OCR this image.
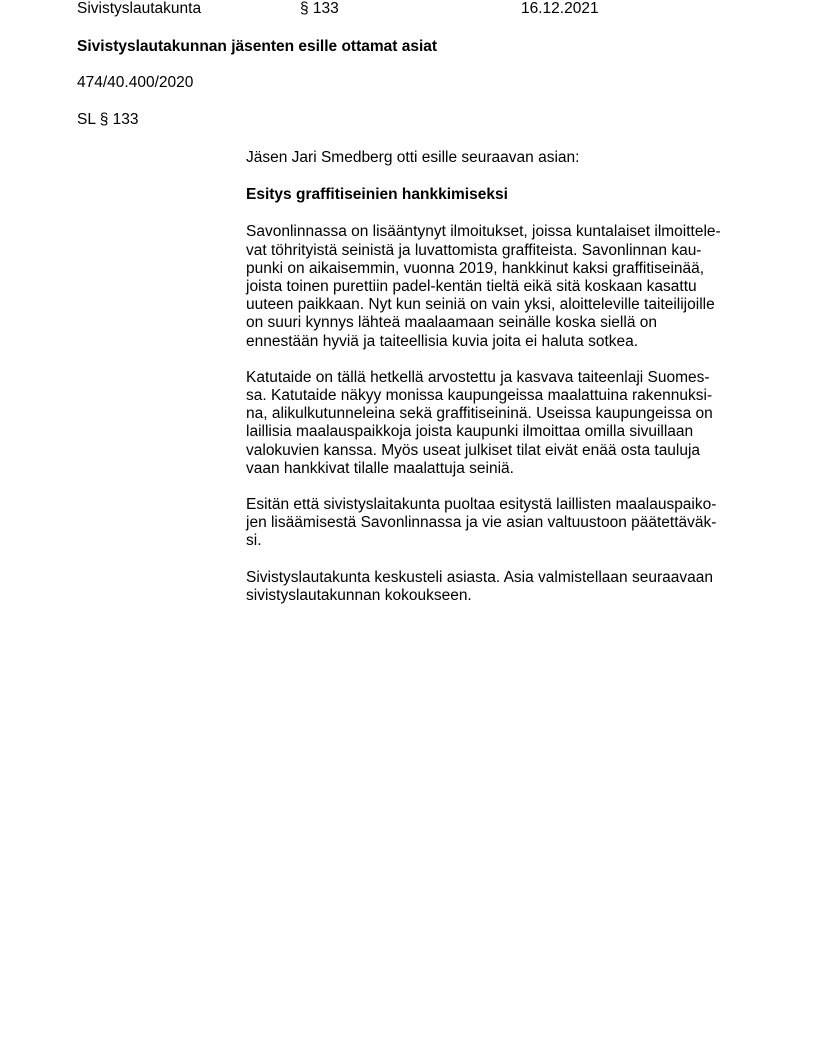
Sivistyslautakunta	§ 133	16.12.2021
Sivistyslautakunnan jäsenten esille ottamat asiat
474/40.400/2020
SL § 133

Jäsen Jari Smedberg otti esille seuraavan asian:

Esitys graffitiseinien hankkimiseksi

Savonlinnassa on lisääntynyt ilmoitukset, joissa kuntalaiset ilmoittele-
vat töhrityistä seinistä ja luvattomista graffiteista. Savonlinnan kau-
punki on aikaisemmin, vuonna 2019, hankkinut kaksi graffitiseinää,
joista toinen purettiin padel-kentän tieltä eikä sitä koskaan kasattu
uuteen paikkaan. Nyt kun seiniä on vain yksi, aloitteleville taiteilijoille
on suuri kynnys lähteä maalaamaan seinälle koska siellä on
ennestään hyviä ja taiteellisia kuvia joita ei haluta sotkea.

Katutaide on tällä hetkellä arvostettu ja kasvava taiteenlaji Suomes-
sa. Katutaide näkyy monissa kaupungeissa maalattuina rakennuksi-
na, alikulkutunneleina sekä graffitiseininä. Useissa kaupungeissa on
laillisia maalauspaikkoja joista kaupunki ilmoittaa omilla sivuillaan
valokuvien kanssa. Myös useat julkiset tilat eivät enää osta tauluja
vaan hankkivat tilalle maalattuja seiniä.

Esitän että sivistyslaitakunta puoltaa esitystä laillisten maalauspaiko-
jen lisäämisestä Savonlinnassa ja vie asian valtuustoon päätettäväk-
si.

Sivistyslautakunta keskusteli asiasta. Asia valmistellaan seuraavaan
sivistyslautakunnan kokoukseen.
